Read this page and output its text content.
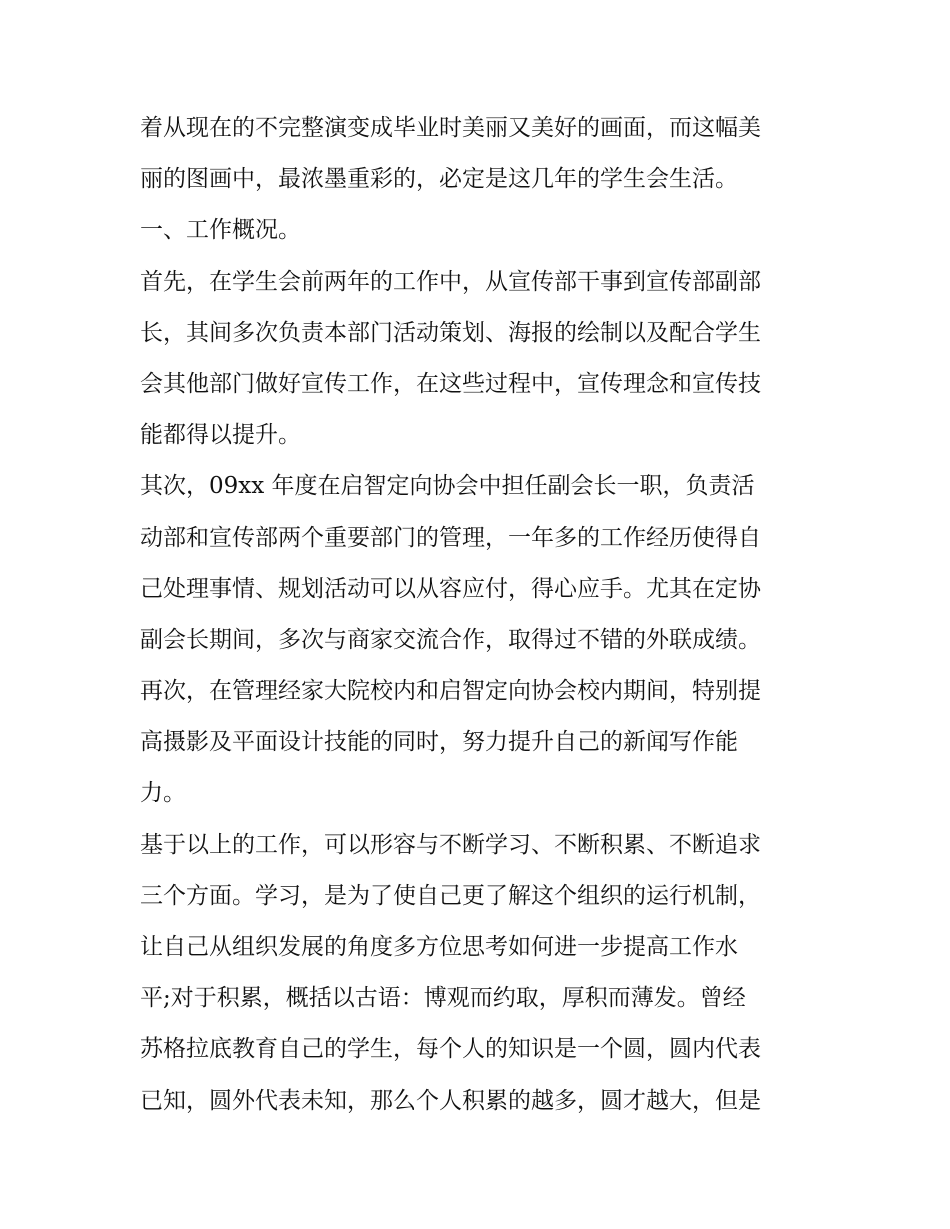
着从现在的不完整演变成毕业时美丽又美好的画面，而这幅美
丽的图画中，最浓墨重彩的，必定是这几年的学生会生活。
一、工作概况。
首先，在学生会前两年的工作中，从宣传部干事到宣传部副部
长，其间多次负责本部门活动策划、海报的绘制以及配合学生
会其他部门做好宣传工作，在这些过程中，宣传理念和宣传技
能都得以提升。
其次，09xx 年度在启智定向协会中担任副会长一职，负责活
动部和宣传部两个重要部门的管理，一年多的工作经历使得自
己处理事情、规划活动可以从容应付，得心应手。尤其在定协
副会长期间，多次与商家交流合作，取得过不错的外联成绩。
再次，在管理经家大院校内和启智定向协会校内期间，特别提
高摄影及平面设计技能的同时，努力提升自己的新闻写作能
力。
基于以上的工作，可以形容与不断学习、不断积累、不断追求
三个方面。学习，是为了使自己更了解这个组织的运行机制，
让自己从组织发展的角度多方位思考如何进一步提高工作水
平;对于积累，概括以古语：博观而约取，厚积而薄发。曾经
苏格拉底教育自己的学生，每个人的知识是一个圆，圆内代表
已知，圆外代表未知，那么个人积累的越多，圆才越大，但是
